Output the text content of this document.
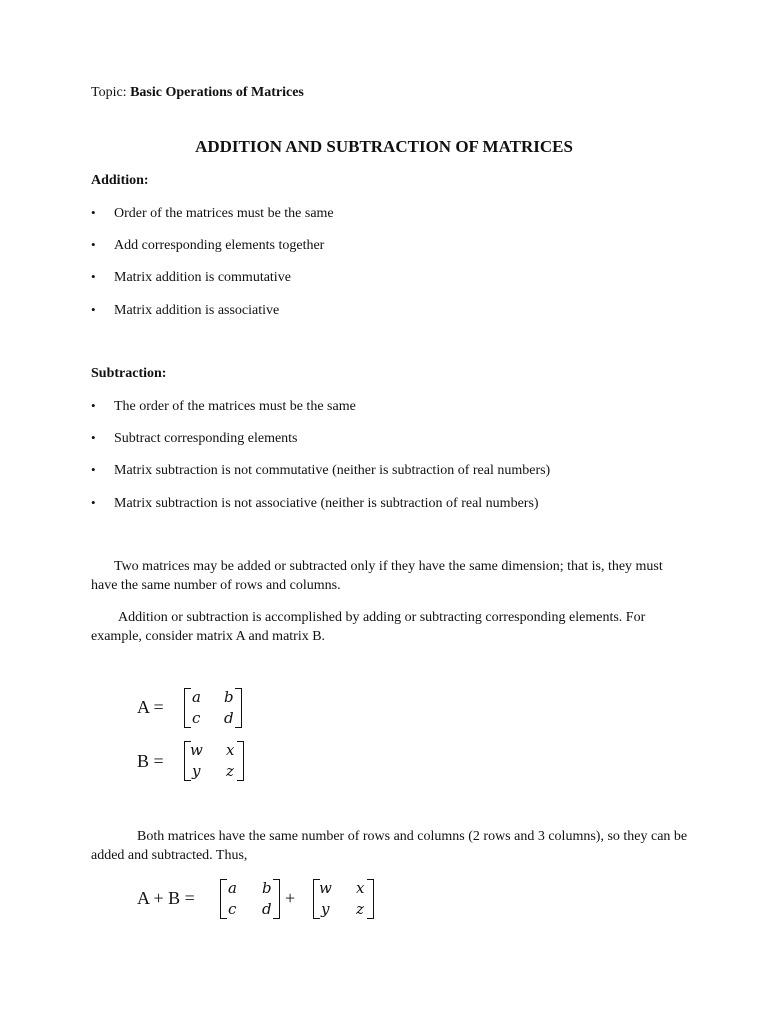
Topic: Basic Operations of Matrices
ADDITION AND SUBTRACTION OF MATRICES
Addition:
• Order of the matrices must be the same
• Add corresponding elements together
• Matrix addition is commutative
• Matrix addition is associative
Subtraction:
• The order of the matrices must be the same
• Subtract corresponding elements
• Matrix subtraction is not commutative (neither is subtraction of real numbers)
• Matrix subtraction is not associative (neither is subtraction of real numbers)
Two matrices may be added or subtracted only if they have the same dimension; that is, they must have the same number of rows and columns.
Addition or subtraction is accomplished by adding or subtracting corresponding elements. For example, consider matrix A and matrix B.
A = a b
c d
B =
w x
y z
Both matrices have the same number of rows and columns (2 rows and 3 columns), so they can be added and subtracted. Thus,
A + B = a b
c d
+ w x
y z
